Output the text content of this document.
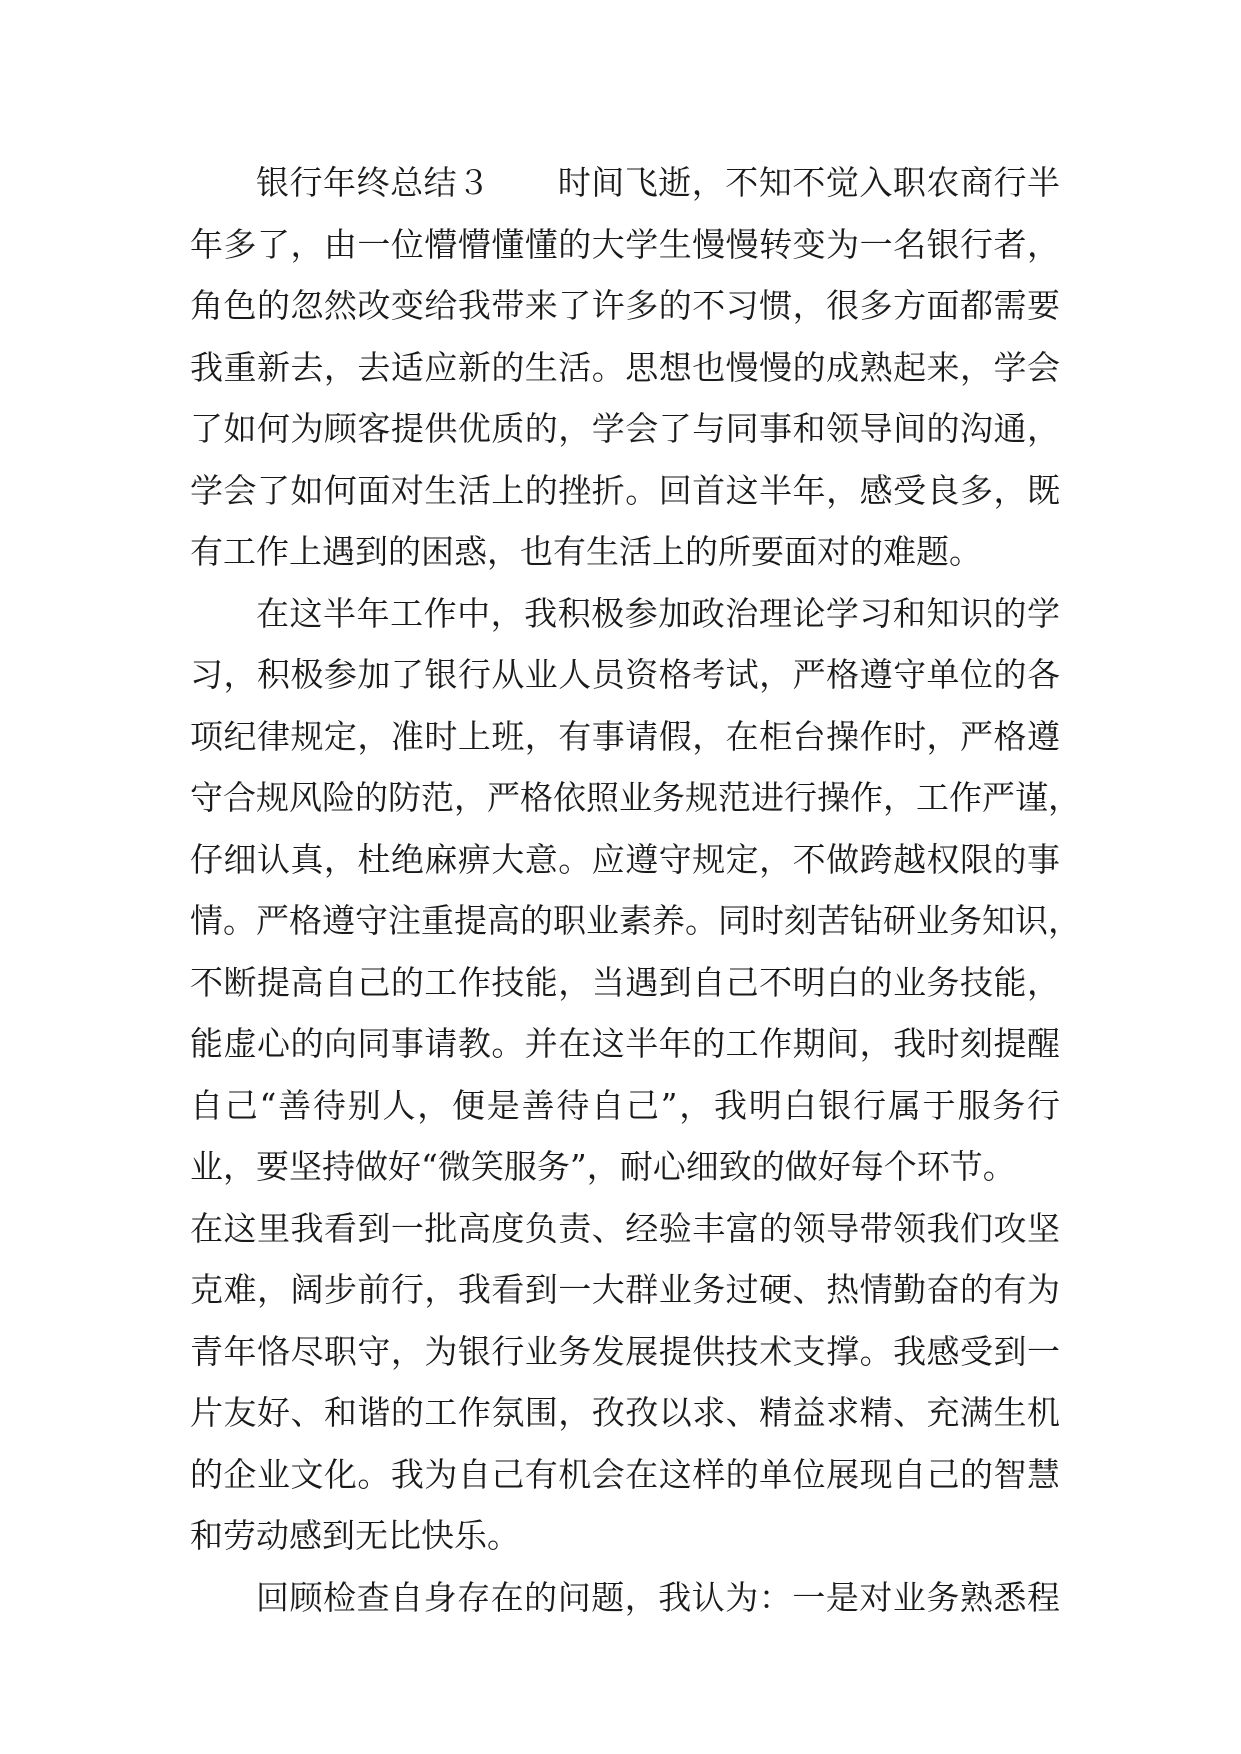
银行年终总结３　　时间飞逝，不知不觉入职农商行半
年多了，由一位懵懵懂懂的大学生慢慢转变为一名银行者，
角色的忽然改变给我带来了许多的不习惯，很多方面都需要
我重新去，去适应新的生活。思想也慢慢的成熟起来，学会
了如何为顾客提供优质的，学会了与同事和领导间的沟通，
学会了如何面对生活上的挫折。回首这半年，感受良多，既
有工作上遇到的困惑，也有生活上的所要面对的难题。
在这半年工作中，我积极参加政治理论学习和知识的学
习，积极参加了银行从业人员资格考试，严格遵守单位的各
项纪律规定，准时上班，有事请假，在柜台操作时，严格遵
守合规风险的防范，严格依照业务规范进行操作，工作严谨，
仔细认真，杜绝麻痹大意。应遵守规定，不做跨越权限的事
情。严格遵守注重提高的职业素养。同时刻苦钻研业务知识，
不断提高自己的工作技能，当遇到自己不明白的业务技能，
能虚心的向同事请教。并在这半年的工作期间，我时刻提醒
自己“善待别人，便是善待自己”，我明白银行属于服务行
业，要坚持做好“微笑服务”，耐心细致的做好每个环节。
在这里我看到一批高度负责、经验丰富的领导带领我们攻坚
克难，阔步前行，我看到一大群业务过硬、热情勤奋的有为
青年恪尽职守，为银行业务发展提供技术支撑。我感受到一
片友好、和谐的工作氛围，孜孜以求、精益求精、充满生机
的企业文化。我为自己有机会在这样的单位展现自己的智慧
和劳动感到无比快乐。
回顾检查自身存在的问题，我认为：一是对业务熟悉程
